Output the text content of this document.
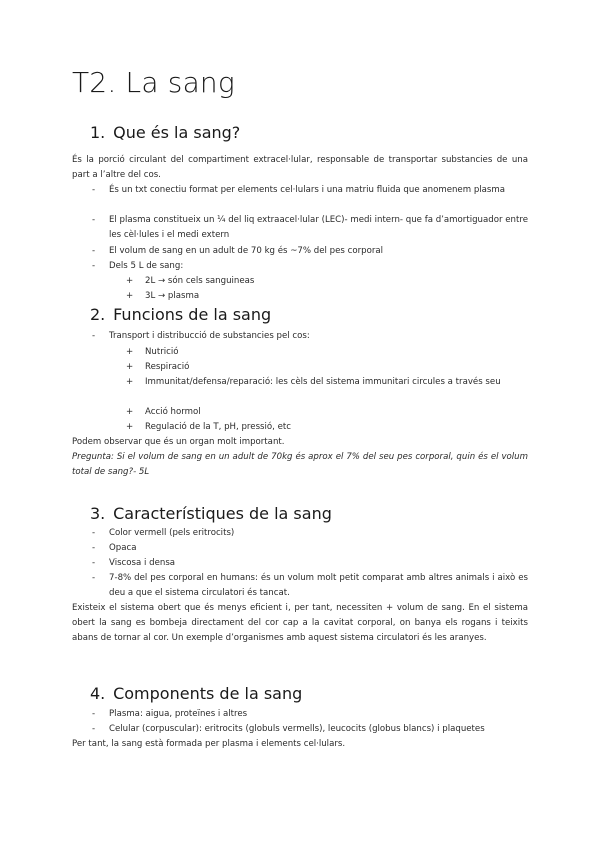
T2. La sang
1. Que és la sang?
És la porció circulant del compartiment extracel·lular, responsable de transportar substancies de una part a l’altre del cos.
-	És un txt conectiu format per elements cel·lulars i una matriu fluida que anomenem plasma
-	El plasma constitueix un ¼ del liq extraacel·lular (LEC)- medi intern- que fa d’amortiguador entre les cèl·lules i el medi extern
-	El volum de sang en un adult de 70 kg és ~7% del pes corporal
-	Dels 5 L de sang:
+	2L → són cels sanguineas
+	3L → plasma
2. Funcions de la sang
-	Transport i distribucció de substancies pel cos:
+	Nutrició
+	Respiració
+	Immunitat/defensa/reparació: les cèls del sistema immunitari circules a través seu
+	Acció hormol
+	Regulació de la T, pH, pressió, etc
Podem observar que és un organ molt important.
Pregunta: Si el volum de sang en un adult de 70kg és aprox el 7% del seu pes corporal, quin és el volum total de sang?- 5L
3. Característiques de la sang
-	Color vermell (pels eritrocits)
-	Opaca
-	Viscosa i densa
-	7-8% del pes corporal en humans: és un volum molt petit comparat amb altres animals i això es deu a que el sistema circulatori és tancat.
Existeix el sistema obert que és menys eficient i, per tant, necessiten + volum de sang. En el sistema obert la sang es bombeja directament del cor cap a la cavitat corporal, on banya els rogans i teixits abans de tornar al cor. Un exemple d’organismes amb aquest sistema circulatori és les aranyes.
4. Components de la sang
-	Plasma: aigua, proteïnes i altres
-	Celular (corpuscular): eritrocits (globuls vermells), leucocits (globus blancs) i plaquetes
Per tant, la sang està formada per plasma i elements cel·lulars.
